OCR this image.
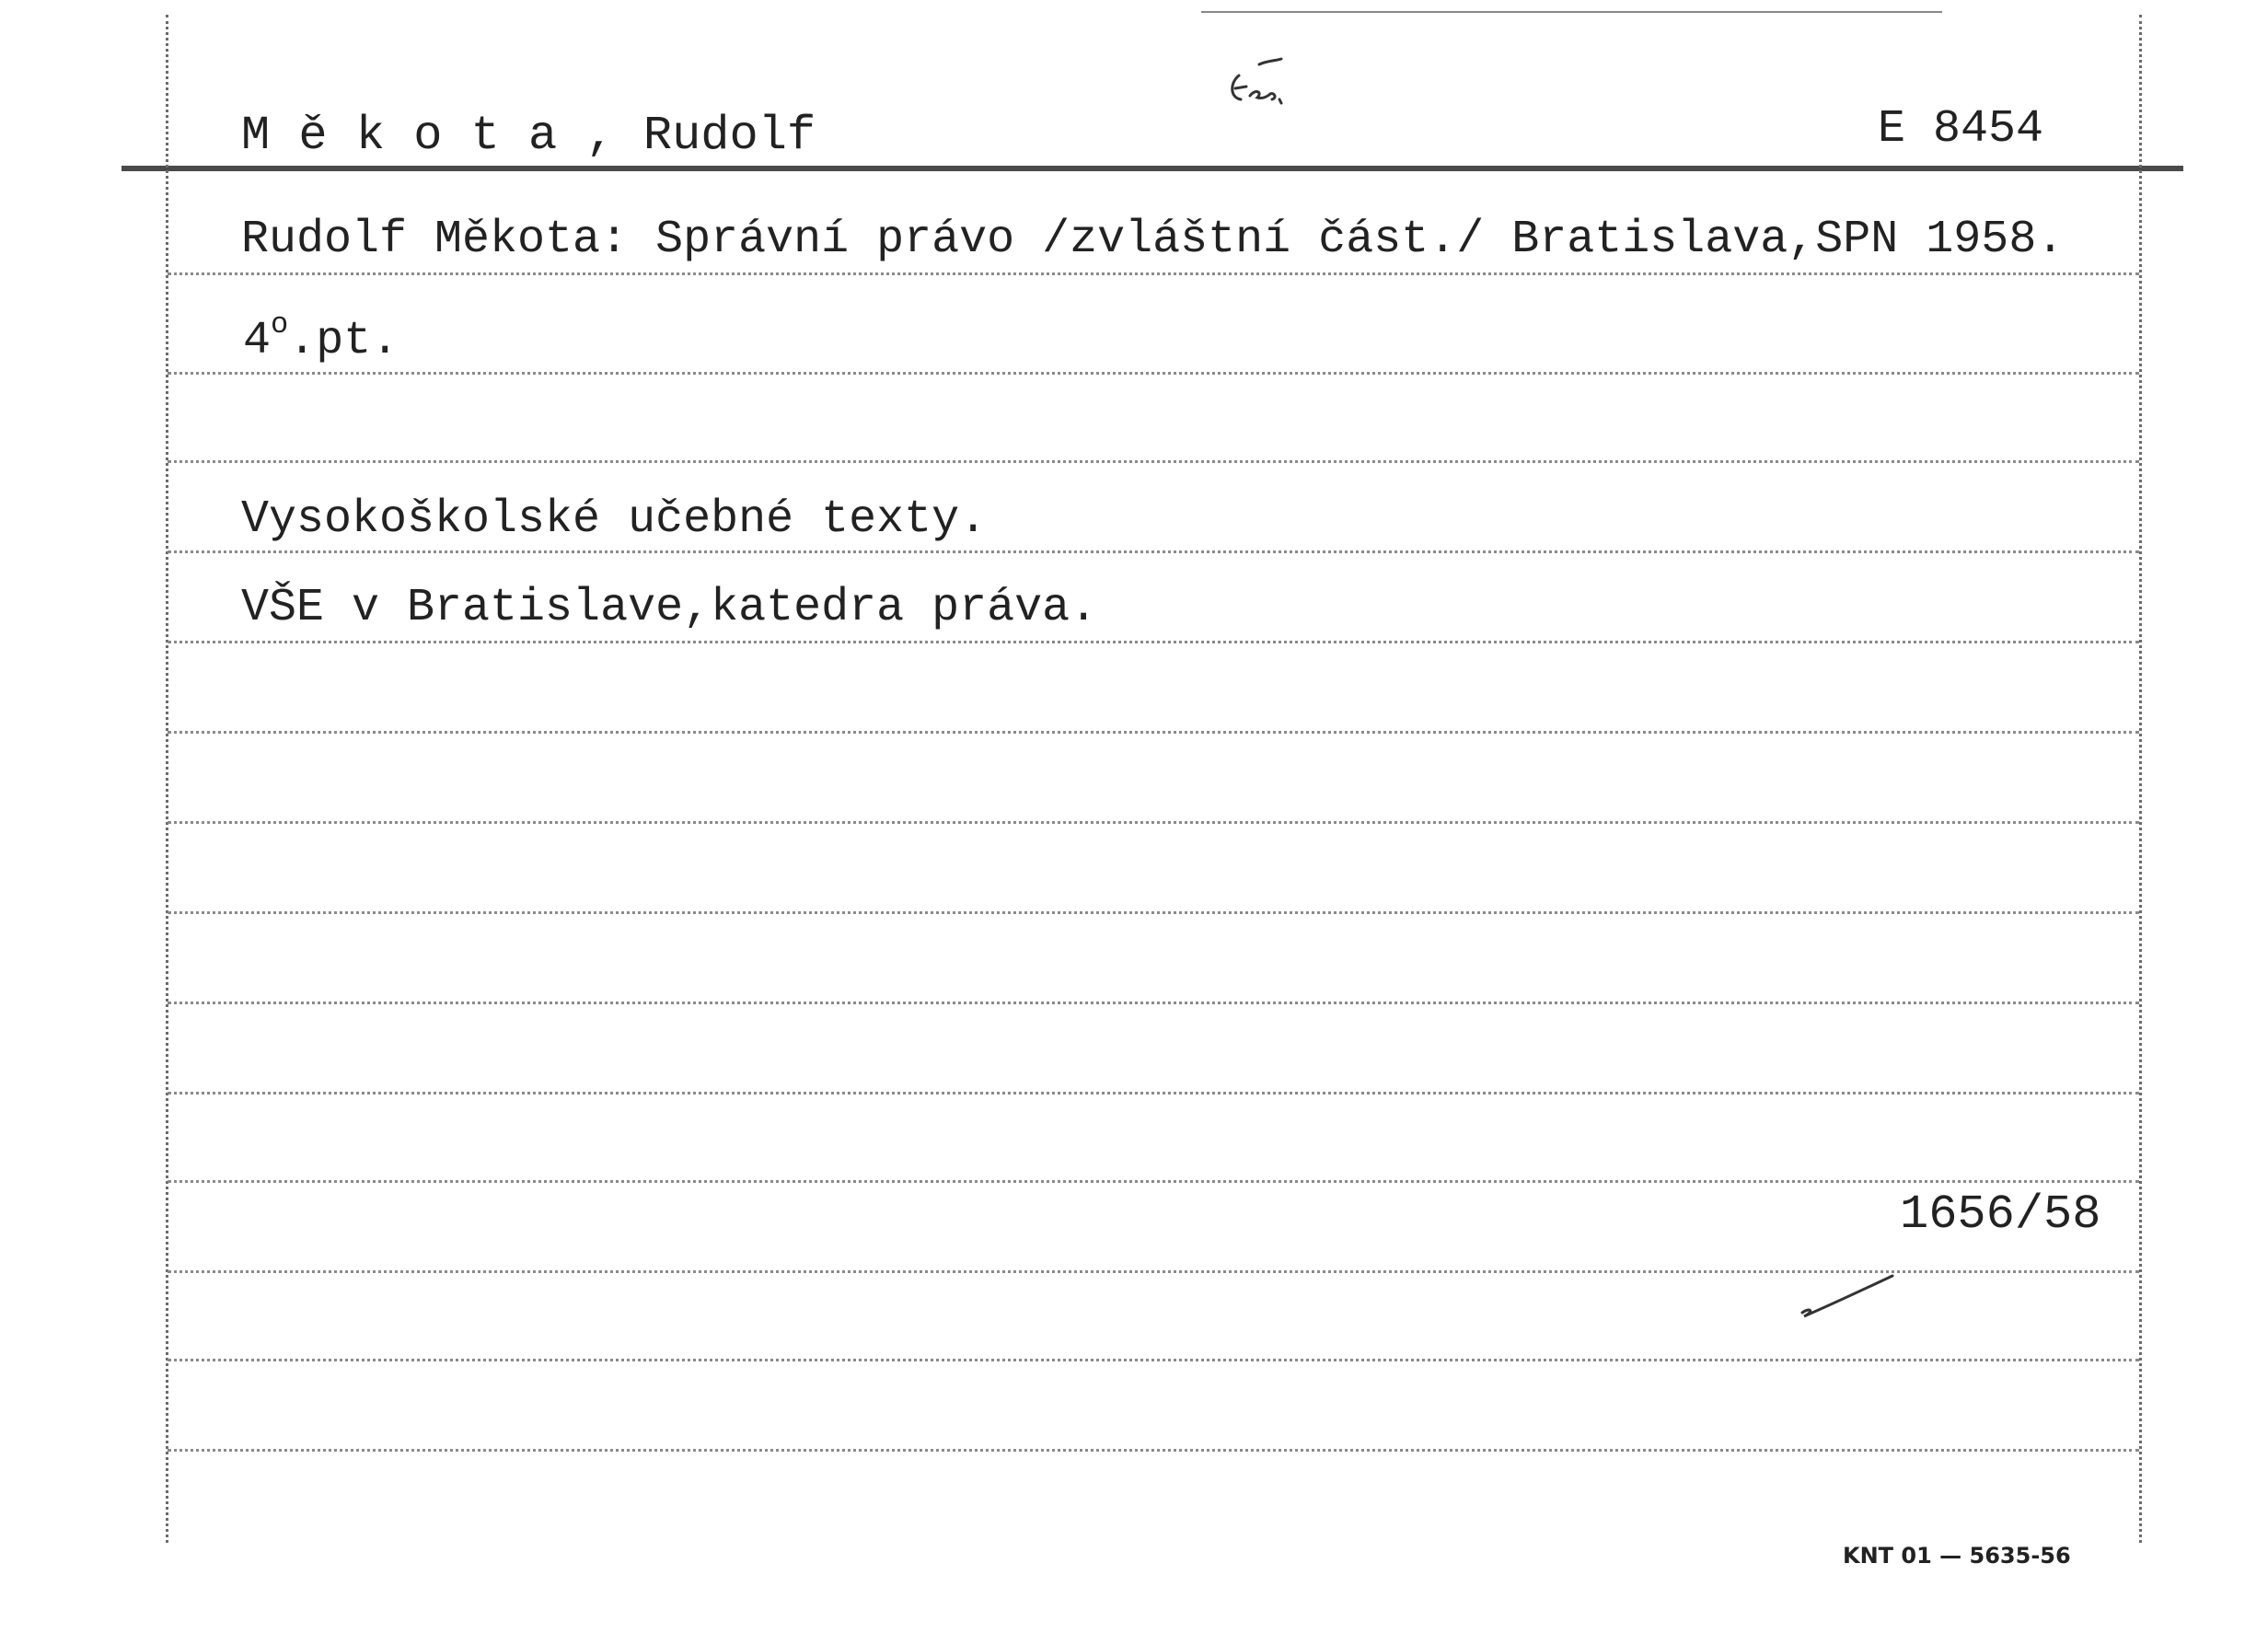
M ě k o t a , Rudolf	E 8454
Rudolf Měkota: Správní právo /zvláštní část./ Bratislava,SPN 1958.
4$^o$.pt.
Vysokoškolské učebné texty.
VŠE v Bratislave,katedra práva.
1656/58
KNT 01 — 5635-56
